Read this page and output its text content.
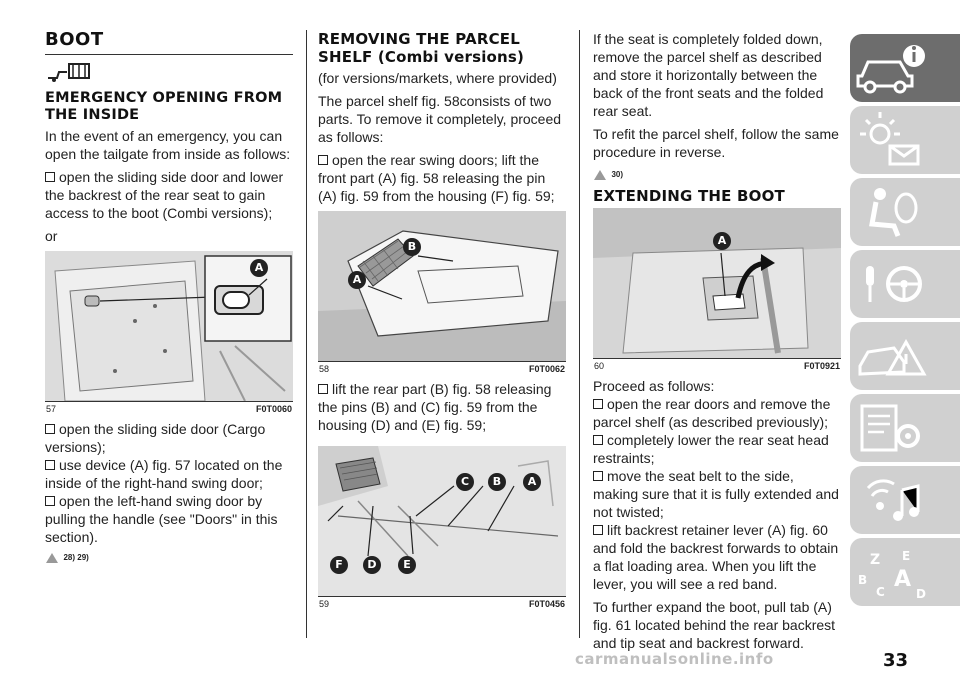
BOOT
EMERGENCY OPENING FROM THE INSIDE

In the event of an emergency, you can open the tailgate from inside as follows:

open the sliding side door and lower the backrest of the rear seat to gain access to the boot (Combi versions);

or

A
57	F0T0060

open the sliding side door (Cargo versions);

use device (A) fig. 57 located on the inside of the right-hand swing door;

open the left-hand swing door by pulling the handle (see "Doors" in this section).

28) 29)
REMOVING THE PARCEL SHELF (Combi versions)

(for versions/markets, where provided)

The parcel shelf fig. 58consists of two parts. To remove it completely, proceed as follows:

open the rear swing doors; lift the front part (A) fig. 58 releasing the pin (A) fig. 59 from the housing (F) fig. 59;

B
A
58	F0T0062

lift the rear part (B) fig. 58 releasing the pins (B) and (C) fig. 59 from the housing (D) and (E) fig. 59;

C	B	A
F	D	E
59	F0T0456

If the seat is completely folded down, remove the parcel shelf as described and store it horizontally between the back of the front seats and the folded rear seat.

To refit the parcel shelf, follow the same procedure in reverse.

30)
EXTENDING THE BOOT
A
60	F0T0921

Proceed as follows:

open the rear doors and remove the parcel shelf (as described previously);

completely lower the rear seat head restraints;

move the seat belt to the side, making sure that it is fully extended and not twisted;

lift backrest retainer lever (A) fig. 60 and fold the backrest forwards to obtain a flat loading area. When you lift the lever, you will see a red band.

To further expand the boot, pull tab (A) fig. 61 located behind the rear backrest and tip seat and backrest forward.

Z E
B A
C	D
carmanualsonline.info	33
